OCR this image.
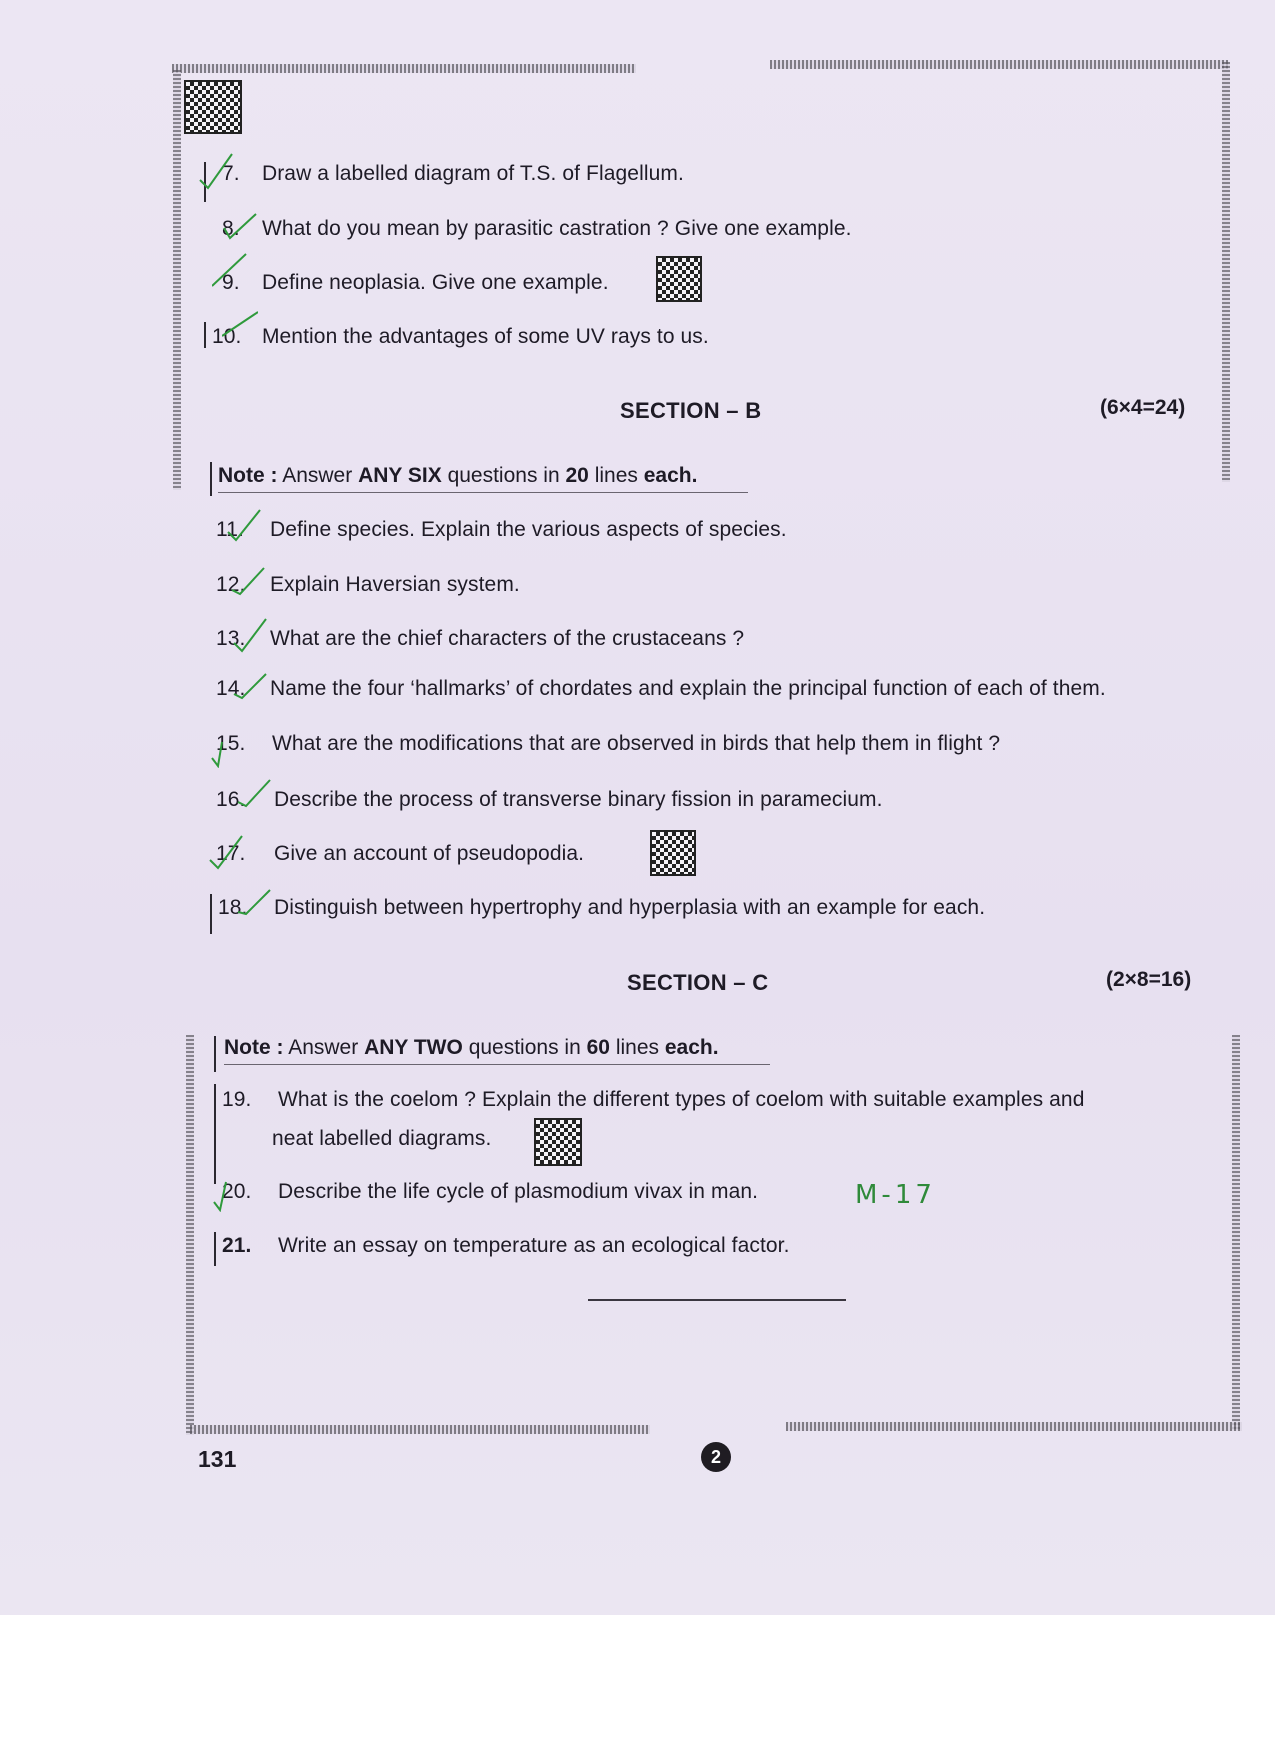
7. Draw a labelled diagram of T.S. of Flagellum.
8. What do you mean by parasitic castration ? Give one example.
9. Define neoplasia. Give one example.
10. Mention the advantages of some UV rays to us.
SECTION – B	(6×4=24)
Note : Answer ANY SIX questions in 20 lines each.
11. Define species. Explain the various aspects of species.
12. Explain Haversian system.
13. What are the chief characters of the crustaceans ?
14. Name the four ‘hallmarks’ of chordates and explain the principal function of each of them.
15. What are the modifications that are observed in birds that help them in flight ?
16. Describe the process of transverse binary fission in paramecium.
17. Give an account of pseudopodia.
18. Distinguish between hypertrophy and hyperplasia with an example for each.
SECTION – C	(2×8=16)
Note : Answer ANY TWO questions in 60 lines each.
19. What is the coelom ? Explain the different types of coelom with suitable examples and
neat labelled diagrams.
20. Describe the life cycle of plasmodium vivax in man.
21. Write an essay on temperature as an ecological factor.
M-17
131	2
